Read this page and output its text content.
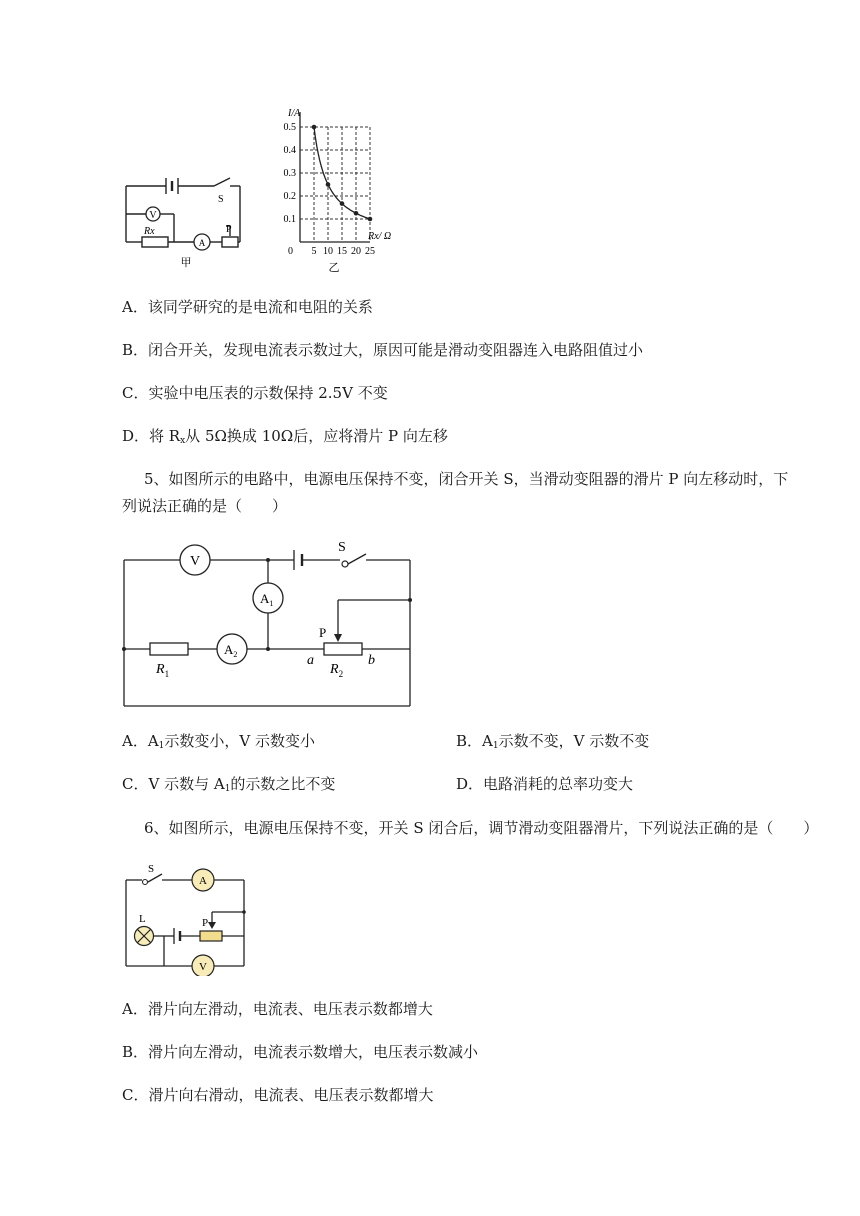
V
A
S
P
Rx
甲
5 10 15 20 25
0.1
0.2
0.3
0.4
0.5
I/A
Rx/ Ω
0
乙
A．该同学研究的是电流和电阻的关系
B．闭合开关，发现电流表示数过大，原因可能是滑动变阻器连入电路阻值过小
C．实验中电压表的示数保持 2.5V 不变
D．将 $R_x$从 5Ω换成 10Ω后，应将滑片 P 向左移
5、如图所示的电路中，电源电压保持不变，闭合开关 S，当滑动变阻器的滑片 P 向左移动时，下
列说法正确的是（　　）
V
S
$A_1$
$A_2$
$R_1$	$R_2$
P
a	b
A．$A_1$示数变小，V 示数变小	B．$A_1$示数不变，V 示数不变
C．V 示数与 $A_1$的示数之比不变	D．电路消耗的总率功变大
6、如图所示，电源电压保持不变，开关 S 闭合后，调节滑动变阻器滑片，下列说法正确的是（　　）
S
A
V
L	P
A．滑片向左滑动，电流表、电压表示数都增大
B．滑片向左滑动，电流表示数增大，电压表示数减小
C．滑片向右滑动，电流表、电压表示数都增大
